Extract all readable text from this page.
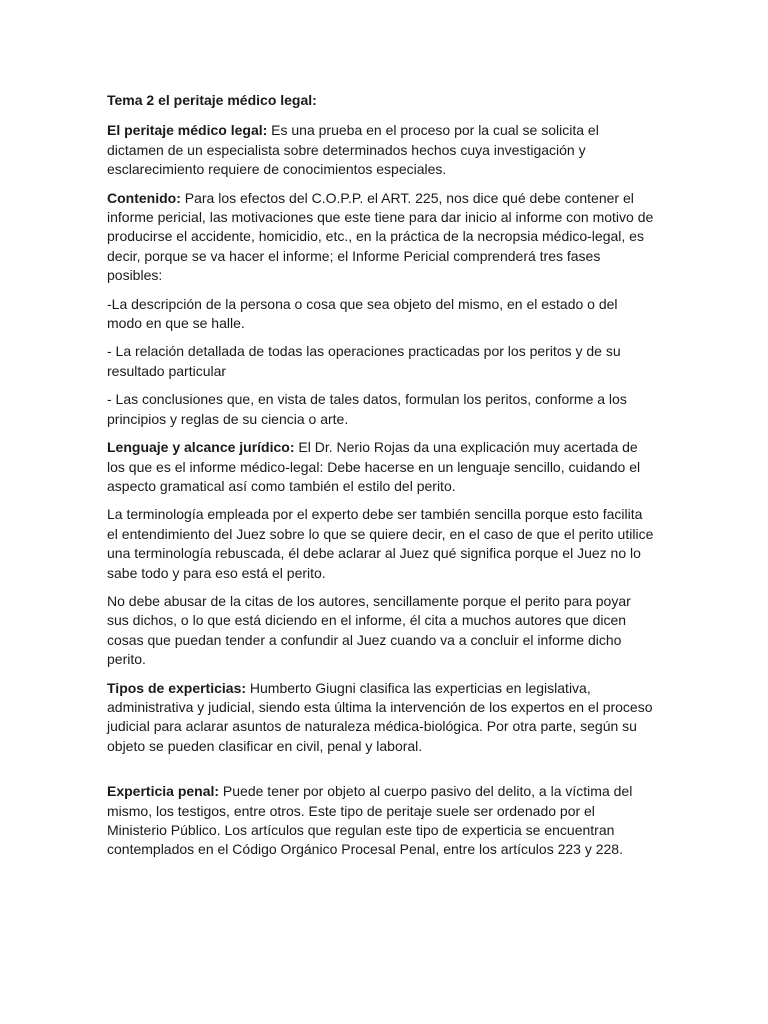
Tema 2 el peritaje médico legal:

El peritaje médico legal: Es una prueba en el proceso por la cual se solicita el dictamen de un especialista sobre determinados hechos cuya investigación y esclarecimiento requiere de conocimientos especiales.

Contenido: Para los efectos del C.O.P.P. el ART. 225, nos dice qué debe contener el informe pericial, las motivaciones que este tiene para dar inicio al informe con motivo de producirse el accidente, homicidio, etc., en la práctica de la necropsia médico-legal, es decir, porque se va hacer el informe; el Informe Pericial comprenderá tres fases posibles:

-La descripción de la persona o cosa que sea objeto del mismo, en el estado o del modo en que se halle.

- La relación detallada de todas las operaciones practicadas por los peritos y de su resultado particular

- Las conclusiones que, en vista de tales datos, formulan los peritos, conforme a los principios y reglas de su ciencia o arte.

Lenguaje y alcance jurídico: El Dr. Nerio Rojas da una explicación muy acertada de los que es el informe médico-legal: Debe hacerse en un lenguaje sencillo, cuidando el aspecto gramatical así como también el estilo del perito.

La terminología empleada por el experto debe ser también sencilla porque esto facilita el entendimiento del Juez sobre lo que se quiere decir, en el caso de que el perito utilice una terminología rebuscada, él debe aclarar al Juez qué significa porque el Juez no lo sabe todo y para eso está el perito.

No debe abusar de la citas de los autores, sencillamente porque el perito para poyar sus dichos, o lo que está diciendo en el informe, él cita a muchos autores que dicen cosas que puedan tender a confundir al Juez cuando va a concluir el informe dicho perito.

Tipos de experticias: Humberto Giugni clasifica las experticias en legislativa, administrativa y judicial, siendo esta última la intervención de los expertos en el proceso judicial para aclarar asuntos de naturaleza médica-biológica. Por otra parte, según su objeto se pueden clasificar en civil, penal y laboral.

Experticia penal: Puede tener por objeto al cuerpo pasivo del delito, a la víctima del mismo, los testigos, entre otros. Este tipo de peritaje suele ser ordenado por el Ministerio Público. Los artículos que regulan este tipo de experticia se encuentran contemplados en el Código Orgánico Procesal Penal, entre los artículos 223 y 228.
